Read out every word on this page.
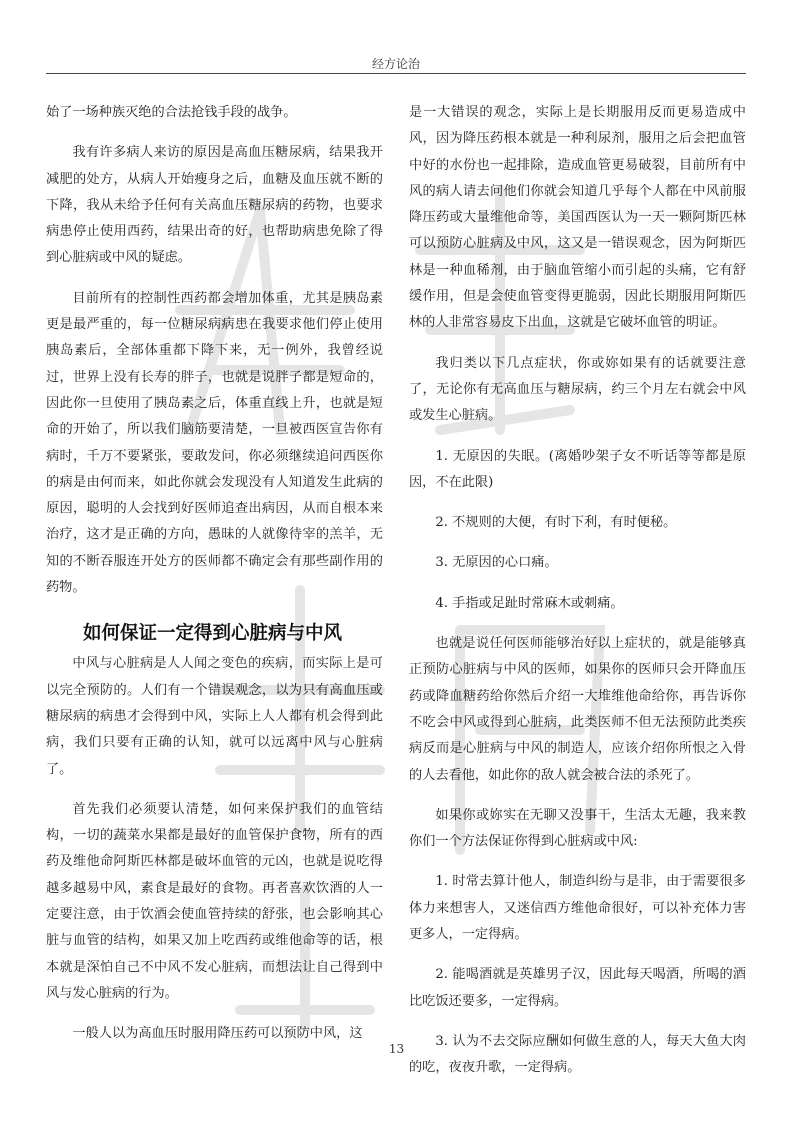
经方论治

始了一场种族灭绝的合法抢钱手段的战争。

我有许多病人来访的原因是高血压糖尿病，结果我开减肥的处方，从病人开始瘦身之后，血糖及血压就不断的下降，我从未给予任何有关高血压糖尿病的药物，也要求病患停止使用西药，结果出奇的好，也帮助病患免除了得到心脏病或中风的疑虑。

目前所有的控制性西药都会增加体重，尤其是胰岛素更是最严重的，每一位糖尿病病患在我要求他们停止使用胰岛素后，全部体重都下降下来，无一例外，我曾经说过，世界上没有长寿的胖子，也就是说胖子都是短命的，因此你一旦使用了胰岛素之后，体重直线上升，也就是短命的开始了，所以我们脑筋要清楚，一旦被西医宣告你有病时，千万不要紧张，要敢发问，你必须继续追问西医你的病是由何而来，如此你就会发现没有人知道发生此病的原因，聪明的人会找到好医师追查出病因，从而自根本来治疗，这才是正确的方向，愚昧的人就像待宰的羔羊，无知的不断吞服连开处方的医师都不确定会有那些副作用的药物。

如何保证一定得到心脏病与中风

中风与心脏病是人人闻之变色的疾病，而实际上是可以完全预防的。人们有一个错误观念，以为只有高血压或糖尿病的病患才会得到中风，实际上人人都有机会得到此病，我们只要有正确的认知，就可以远离中风与心脏病了。

首先我们必须要认清楚，如何来保护我们的血管结构，一切的蔬菜水果都是最好的血管保护食物，所有的西药及维他命阿斯匹林都是破坏血管的元凶，也就是说吃得越多越易中风，素食是最好的食物。再者喜欢饮酒的人一定要注意，由于饮酒会使血管持续的舒张，也会影响其心脏与血管的结构，如果又加上吃西药或维他命等的话，根本就是深怕自己不中风不发心脏病，而想法让自己得到中风与发心脏病的行为。

一般人以为高血压时服用降压药可以预防中风，这

是一大错误的观念，实际上是长期服用反而更易造成中风，因为降压药根本就是一种利尿剂，服用之后会把血管中好的水份也一起排除，造成血管更易破裂，目前所有中风的病人请去问他们你就会知道几乎每个人都在中风前服降压药或大量维他命等，美国西医认为一天一颗阿斯匹林可以预防心脏病及中风，这又是一错误观念，因为阿斯匹林是一种血稀剂，由于脑血管缩小而引起的头痛，它有舒缓作用，但是会使血管变得更脆弱，因此长期服用阿斯匹林的人非常容易皮下出血，这就是它破坏血管的明证。

我归类以下几点症状，你或妳如果有的话就要注意了，无论你有无高血压与糖尿病，约三个月左右就会中风或发生心脏病。

1. 无原因的失眠。(离婚吵架子女不听话等等都是原因，不在此限)

2. 不规则的大便，有时下利，有时便秘。

3. 无原因的心口痛。

4. 手指或足趾时常麻木或刺痛。

也就是说任何医师能够治好以上症状的，就是能够真正预防心脏病与中风的医师，如果你的医师只会开降血压药或降血糖药给你然后介绍一大堆维他命给你，再告诉你不吃会中风或得到心脏病，此类医师不但无法预防此类疾病反而是心脏病与中风的制造人，应该介绍你所恨之入骨的人去看他，如此你的敌人就会被合法的杀死了。

如果你或妳实在无聊又没事干，生活太无趣，我来教你们一个方法保证你得到心脏病或中风:

1. 时常去算计他人，制造纠纷与是非，由于需要很多体力来想害人，又迷信西方维他命很好，可以补充体力害更多人，一定得病。

2. 能喝酒就是英雄男子汉，因此每天喝酒，所喝的酒比吃饭还要多，一定得病。

3. 认为不去交际应酬如何做生意的人，每天大鱼大肉的吃，夜夜升歌，一定得病。

13
